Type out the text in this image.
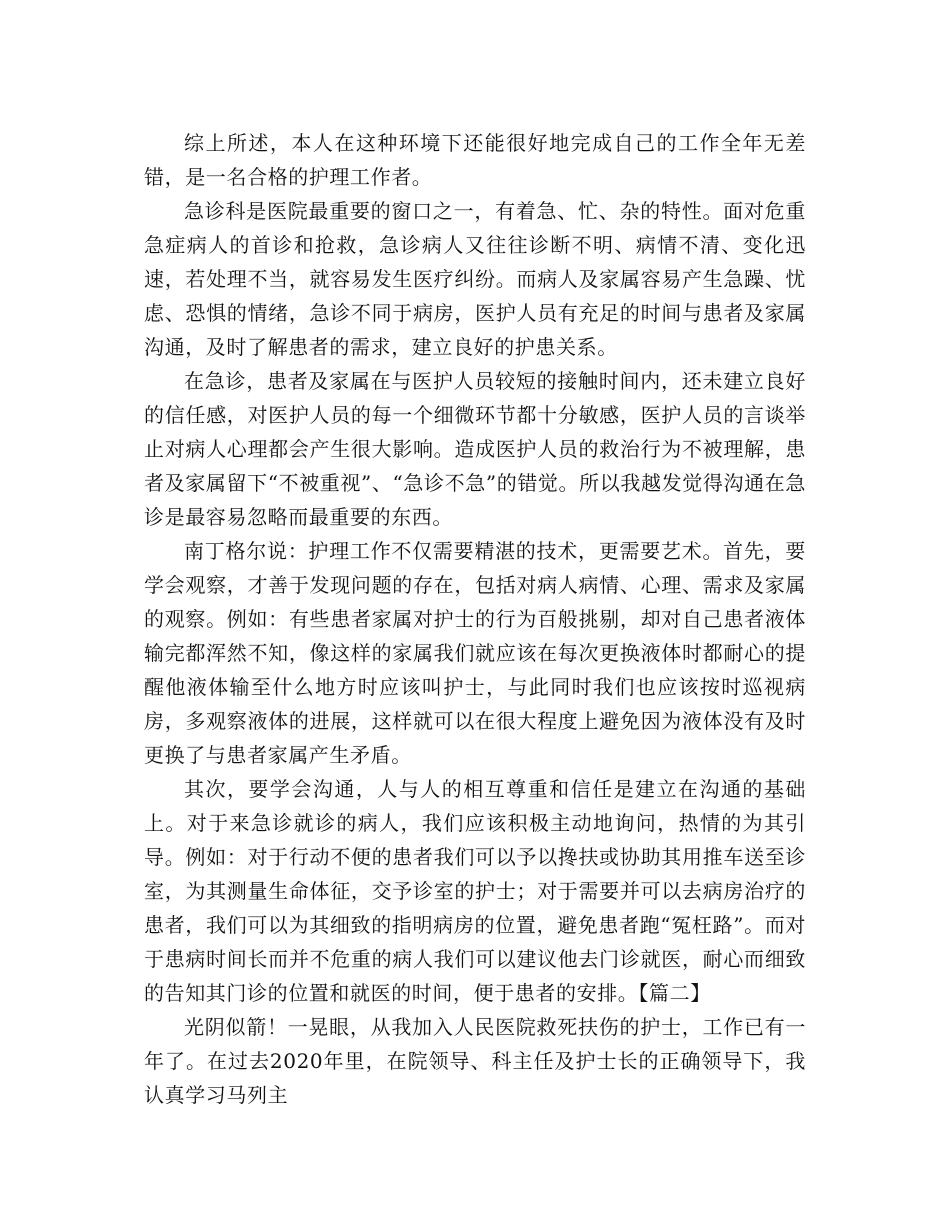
综上所述，本人在这种环境下还能很好地完成自己的工作全年无差错，是一名合格的护理工作者。

急诊科是医院最重要的窗口之一，有着急、忙、杂的特性。面对危重急症病人的首诊和抢救，急诊病人又往往诊断不明、病情不清、变化迅速，若处理不当，就容易发生医疗纠纷。而病人及家属容易产生急躁、忧虑、恐惧的情绪，急诊不同于病房，医护人员有充足的时间与患者及家属沟通，及时了解患者的需求，建立良好的护患关系。

在急诊，患者及家属在与医护人员较短的接触时间内，还未建立良好的信任感，对医护人员的每一个细微环节都十分敏感，医护人员的言谈举止对病人心理都会产生很大影响。造成医护人员的救治行为不被理解，患者及家属留下“不被重视”、“急诊不急”的错觉。所以我越发觉得沟通在急诊是最容易忽略而最重要的东西。

南丁格尔说：护理工作不仅需要精湛的技术，更需要艺术。首先，要学会观察，才善于发现问题的存在，包括对病人病情、心理、需求及家属的观察。例如：有些患者家属对护士的行为百般挑剔，却对自己患者液体输完都浑然不知，像这样的家属我们就应该在每次更换液体时都耐心的提醒他液体输至什么地方时应该叫护士，与此同时我们也应该按时巡视病房，多观察液体的进展，这样就可以在很大程度上避免因为液体没有及时更换了与患者家属产生矛盾。

其次，要学会沟通，人与人的相互尊重和信任是建立在沟通的基础上。对于来急诊就诊的病人，我们应该积极主动地询问，热情的为其引导。例如：对于行动不便的患者我们可以予以搀扶或协助其用推车送至诊室，为其测量生命体征，交予诊室的护士；对于需要并可以去病房治疗的患者，我们可以为其细致的指明病房的位置，避免患者跑“冤枉路”。而对于患病时间长而并不危重的病人我们可以建议他去门诊就医，耐心而细致的告知其门诊的位置和就医的时间，便于患者的安排。【篇二】

光阴似箭！一晃眼，从我加入人民医院救死扶伤的护士，工作已有一年了。在过去2020年里，在院领导、科主任及护士长的正确领导下，我认真学习马列主
